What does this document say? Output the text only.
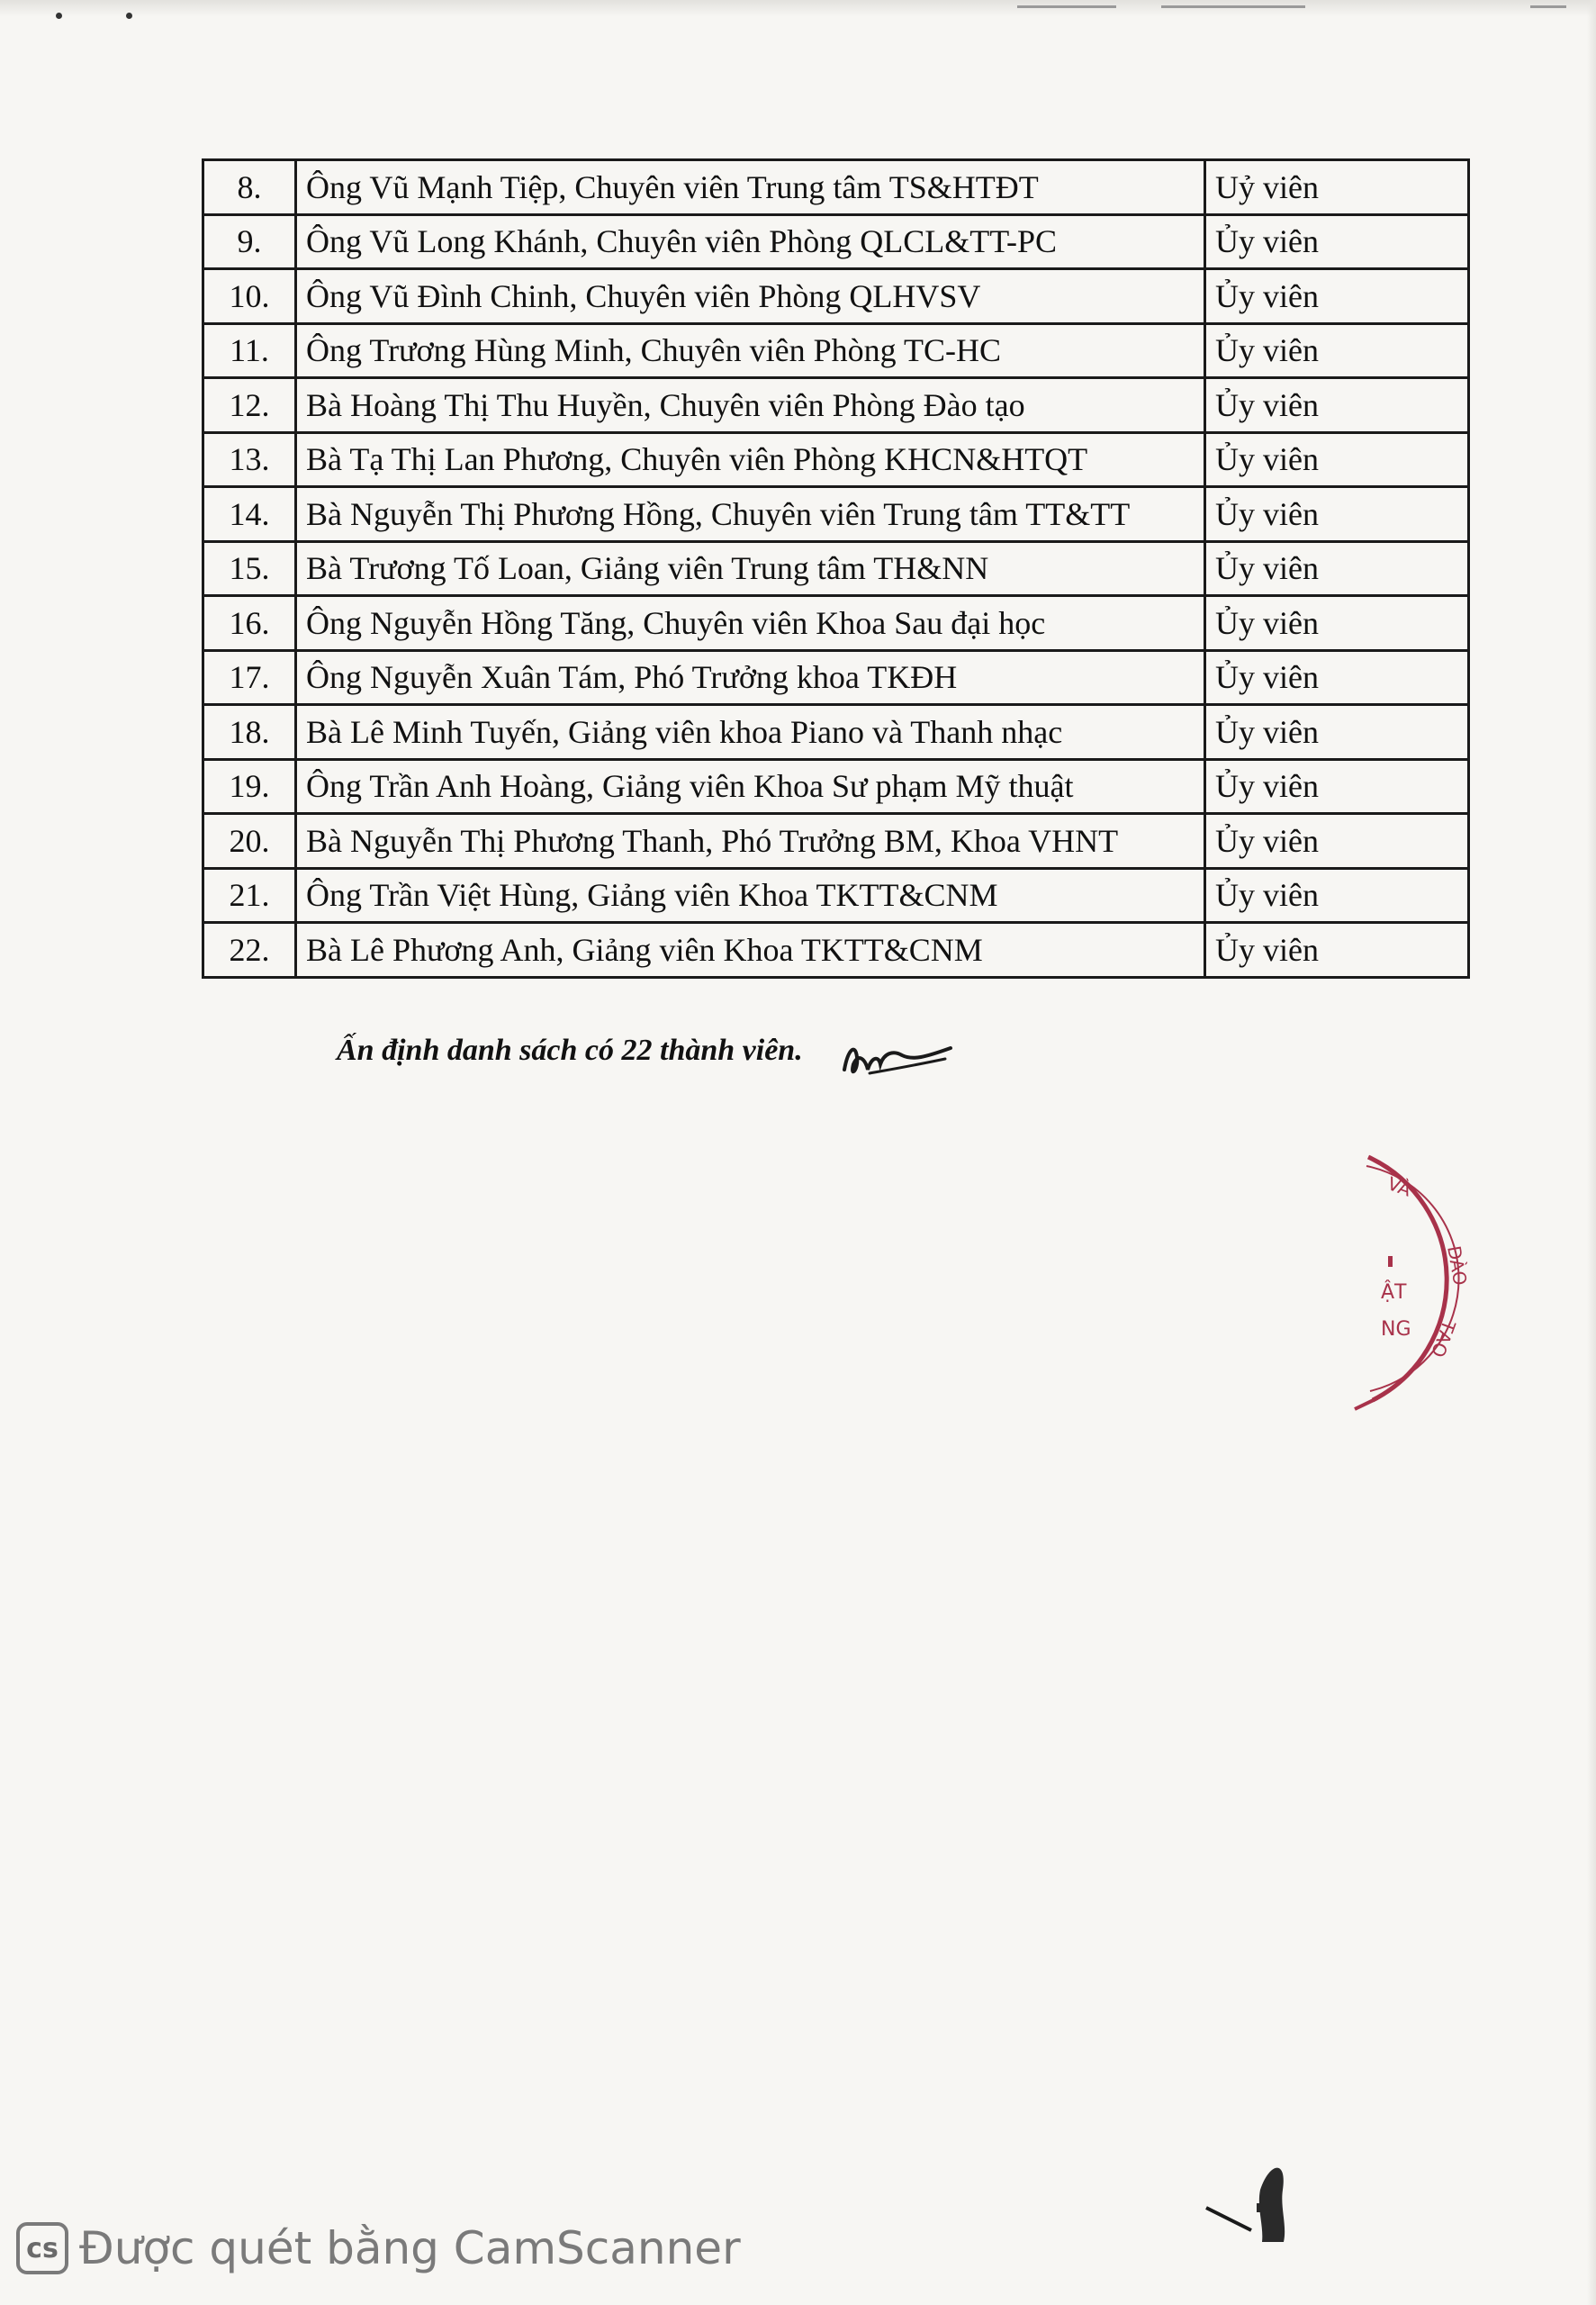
8.	Ông Vũ Mạnh Tiệp, Chuyên viên Trung tâm TS&HTĐT	Uỷ viên
9.	Ông Vũ Long Khánh, Chuyên viên Phòng QLCL&TT-PC	Ủy viên
10.	Ông Vũ Đình Chinh, Chuyên viên Phòng QLHVSV	Ủy viên
11.	Ông Trương Hùng Minh, Chuyên viên Phòng TC-HC	Ủy viên
12.	Bà Hoàng Thị Thu Huyền, Chuyên viên Phòng Đào tạo	Ủy viên
13.	Bà Tạ Thị Lan Phương, Chuyên viên Phòng KHCN&HTQT	Ủy viên
14.	Bà Nguyễn Thị Phương Hồng, Chuyên viên Trung tâm TT&TT	Ủy viên
15.	Bà Trương Tố Loan, Giảng viên Trung tâm TH&NN	Ủy viên
16.	Ông Nguyễn Hồng Tăng, Chuyên viên Khoa Sau đại học	Ủy viên
17.	Ông Nguyễn Xuân Tám, Phó Trưởng khoa TKĐH	Ủy viên
18.	Bà Lê Minh Tuyến, Giảng viên khoa Piano và Thanh nhạc	Ủy viên
19.	Ông Trần Anh Hoàng, Giảng viên Khoa Sư phạm Mỹ thuật	Ủy viên
20.	Bà Nguyễn Thị Phương Thanh, Phó Trưởng BM, Khoa VHNT	Ủy viên
21.	Ông Trần Việt Hùng, Giảng viên Khoa TKTT&CNM	Ủy viên
22.	Bà Lê Phương Anh, Giảng viên Khoa TKTT&CNM	Ủy viên
Ấn định danh sách có 22 thành viên.
VÀ
ĐÀO
TẠO
ẬT
NG
cs Được quét bằng CamScanner
